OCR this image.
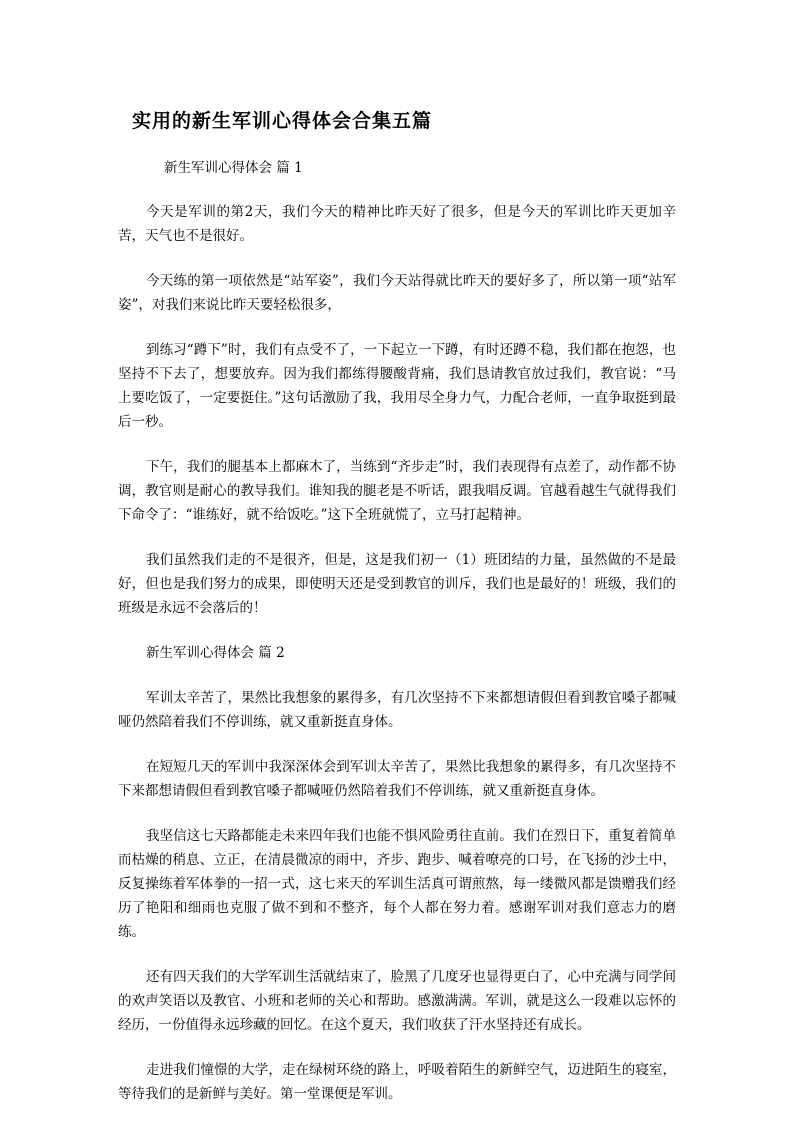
实用的新生军训心得体会合集五篇

新生军训心得体会 篇 1

今天是军训的第2天，我们今天的精神比昨天好了很多，但是今天的军训比昨天更加辛苦，天气也不是很好。

今天练的第一项依然是“站军姿”，我们今天站得就比昨天的要好多了，所以第一项“站军姿”，对我们来说比昨天要轻松很多，

到练习“蹲下”时，我们有点受不了，一下起立一下蹲，有时还蹲不稳，我们都在抱怨，也坚持不下去了，想要放弃。因为我们都练得腰酸背痛，我们恳请教官放过我们，教官说：“马上要吃饭了，一定要挺住。”这句话激励了我，我用尽全身力气，力配合老师，一直争取挺到最后一秒。

下午，我们的腿基本上都麻木了，当练到“齐步走”时，我们表现得有点差了，动作都不协调，教官则是耐心的教导我们。谁知我的腿老是不听话，跟我唱反调。官越看越生气就得我们下命令了：“谁练好，就不给饭吃。”这下全班就慌了，立马打起精神。

我们虽然我们走的不是很齐，但是，这是我们初一（1）班团结的力量，虽然做的不是最好，但也是我们努力的成果，即使明天还是受到教官的训斥，我们也是最好的！班级，我们的班级是永远不会落后的！

新生军训心得体会 篇 2

军训太辛苦了，果然比我想象的累得多，有几次坚持不下来都想请假但看到教官嗓子都喊哑仍然陪着我们不停训练，就又重新挺直身体。

在短短几天的军训中我深深体会到军训太辛苦了，果然比我想象的累得多，有几次坚持不下来都想请假但看到教官嗓子都喊哑仍然陪着我们不停训练，就又重新挺直身体。

我坚信这七天路都能走未来四年我们也能不惧风险勇往直前。我们在烈日下，重复着简单而枯燥的稍息、立正，在清晨微凉的雨中，齐步、跑步、喊着嘹亮的口号，在飞扬的沙土中，反复操练着军体拳的一招一式，这七来天的军训生活真可谓煎熬，每一缕微风都是馈赠我们经历了艳阳和细雨也克服了做不到和不整齐，每个人都在努力着。感谢军训对我们意志力的磨练。

还有四天我们的大学军训生活就结束了，脸黑了几度牙也显得更白了，心中充满与同学间的欢声笑语以及教官、小班和老师的关心和帮助。感激满满。军训，就是这么一段难以忘怀的经历，一份值得永远珍藏的回忆。在这个夏天，我们收获了汗水坚持还有成长。

走进我们憧憬的大学，走在绿树环绕的路上，呼吸着陌生的新鲜空气，迈进陌生的寝室，等待我们的是新鲜与美好。第一堂课便是军训。
